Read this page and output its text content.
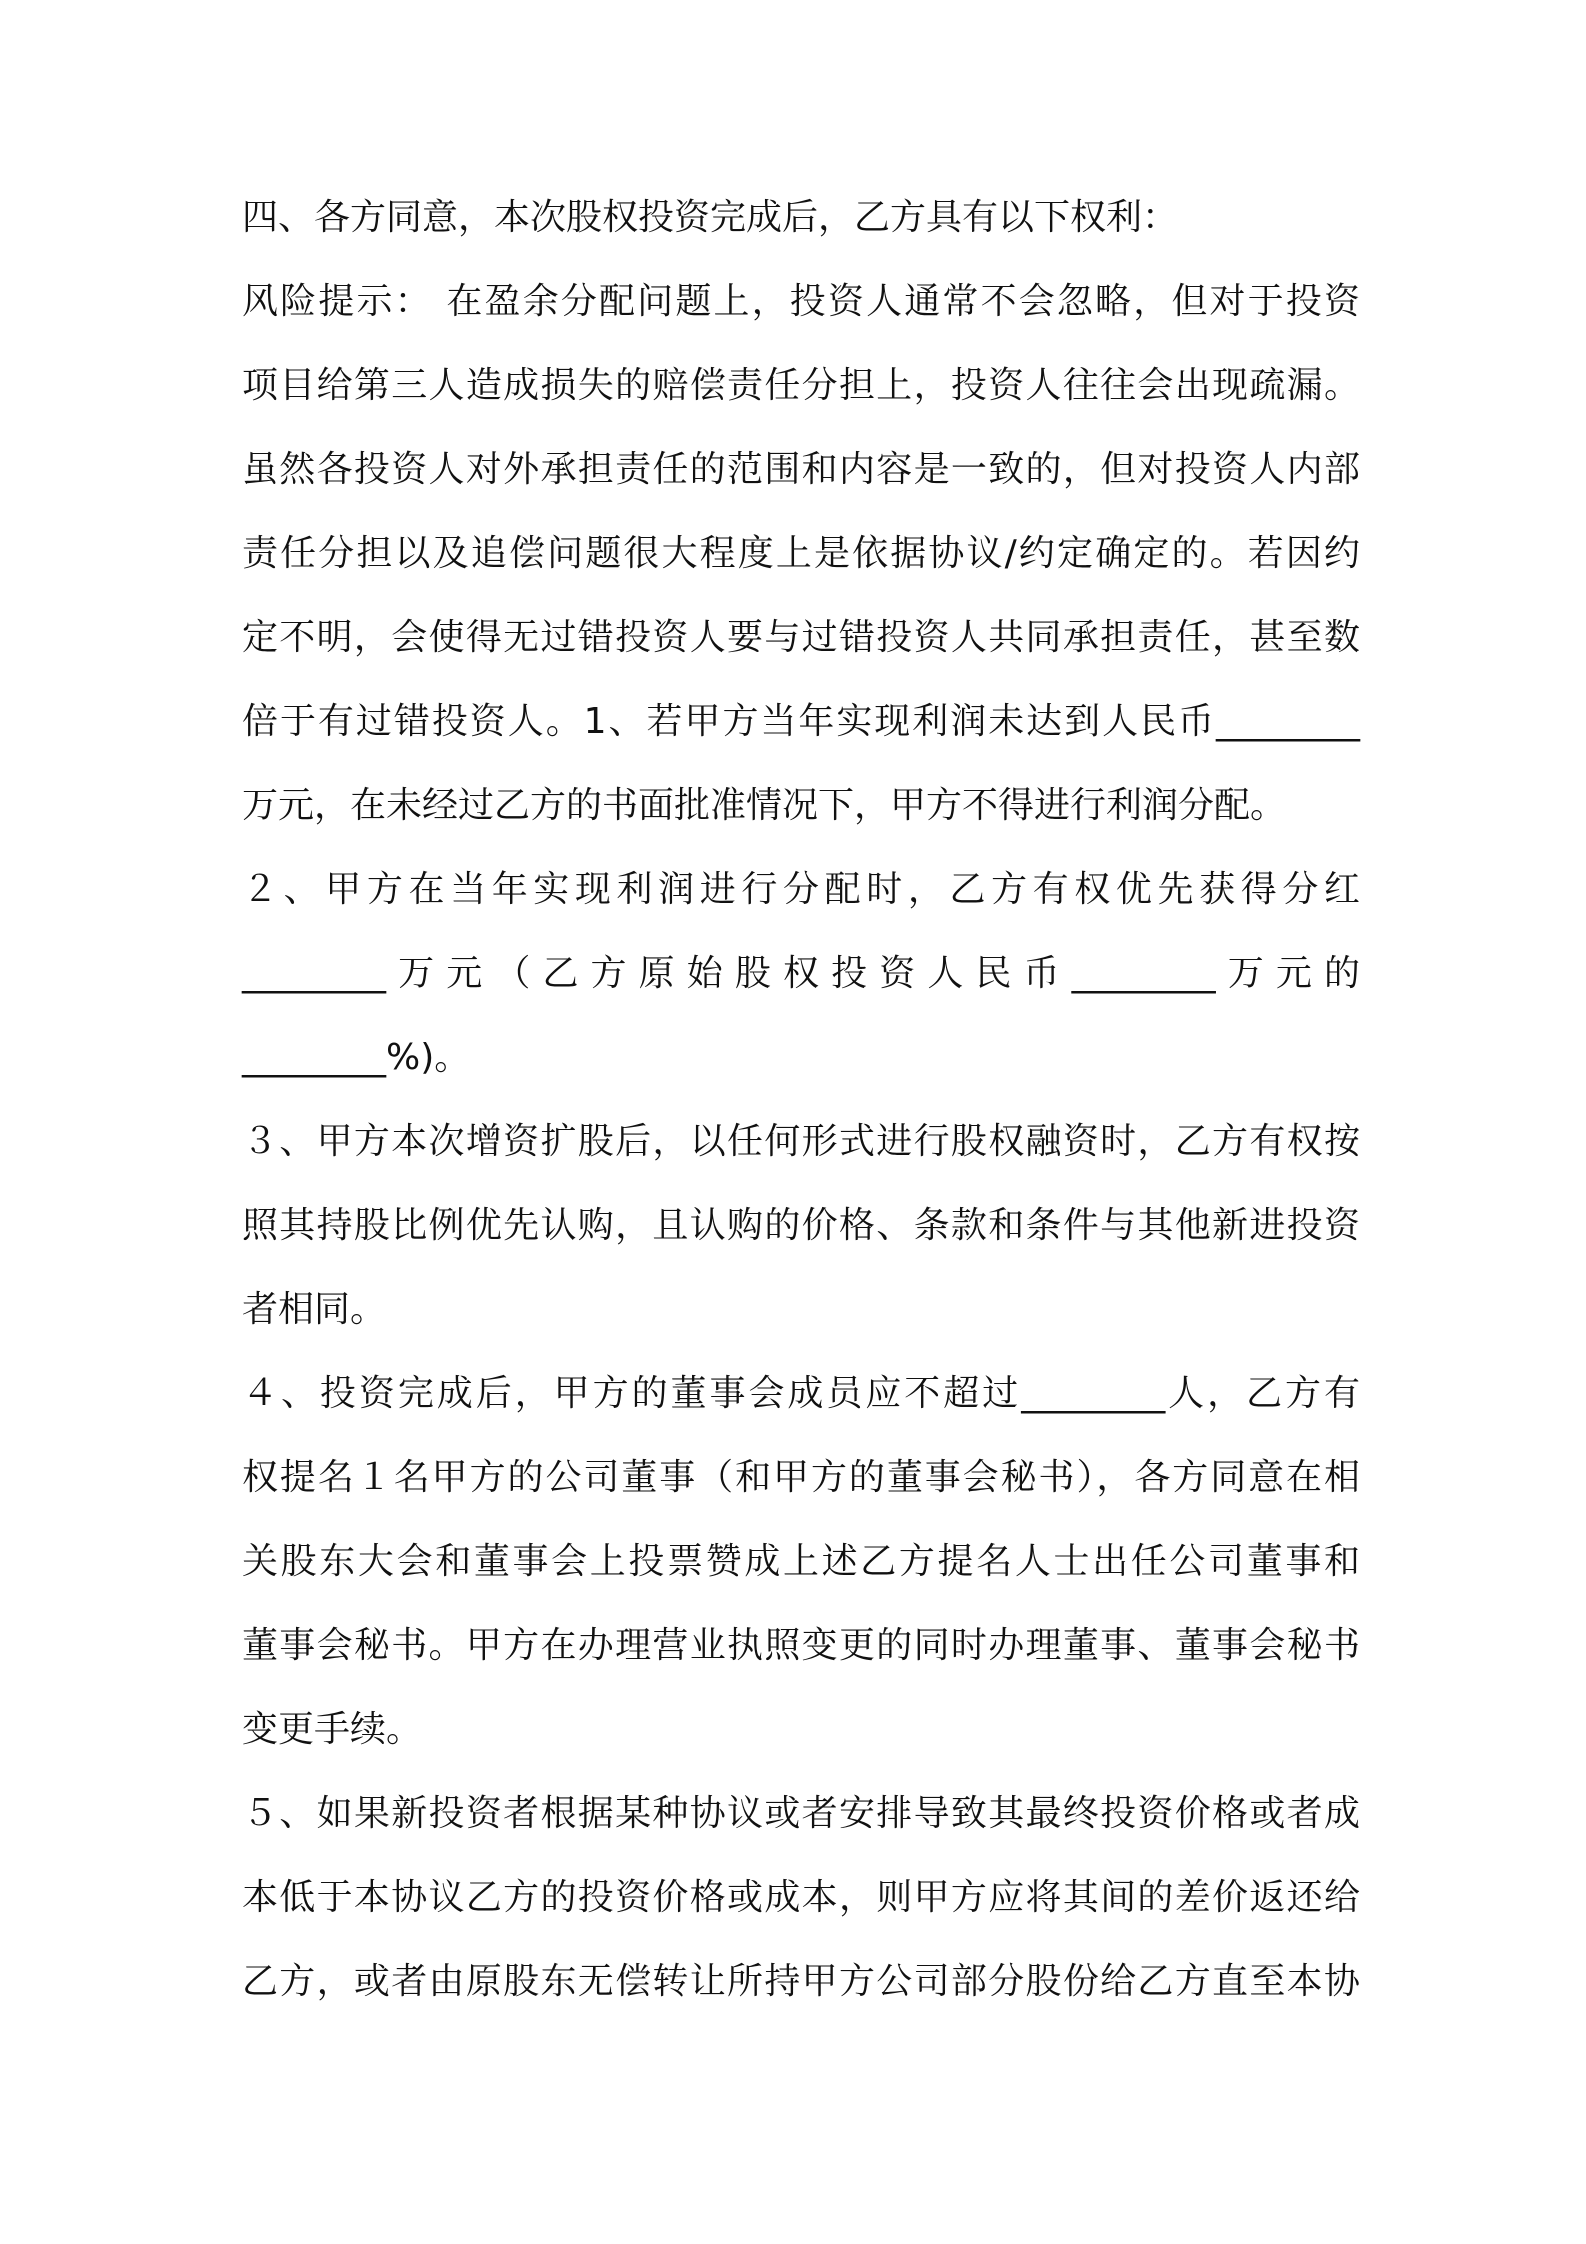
四、各方同意，本次股权投资完成后，乙方具有以下权利：
风险提示： 在盈余分配问题上，投资人通常不会忽略，但对于投资
项目给第三人造成损失的赔偿责任分担上，投资人往往会出现疏漏。
虽然各投资人对外承担责任的范围和内容是一致的，但对投资人内部
责任分担以及追偿问题很大程度上是依据协议/约定确定的。若因约
定不明，会使得无过错投资人要与过错投资人共同承担责任，甚至数
倍于有过错投资人。1、若甲方当年实现利润未达到人民币________
万元，在未经过乙方的书面批准情况下，甲方不得进行利润分配。
２、甲方在当年实现利润进行分配时，乙方有权优先获得分红
________万元（乙方原始股权投资人民币________万元的
________%)。
３、甲方本次增资扩股后，以任何形式进行股权融资时，乙方有权按
照其持股比例优先认购，且认购的价格、条款和条件与其他新进投资
者相同。
４、投资完成后，甲方的董事会成员应不超过________人，乙方有
权提名１名甲方的公司董事（和甲方的董事会秘书），各方同意在相
关股东大会和董事会上投票赞成上述乙方提名人士出任公司董事和
董事会秘书。甲方在办理营业执照变更的同时办理董事、董事会秘书
变更手续。
５、如果新投资者根据某种协议或者安排导致其最终投资价格或者成
本低于本协议乙方的投资价格或成本，则甲方应将其间的差价返还给
乙方，或者由原股东无偿转让所持甲方公司部分股份给乙方直至本协
